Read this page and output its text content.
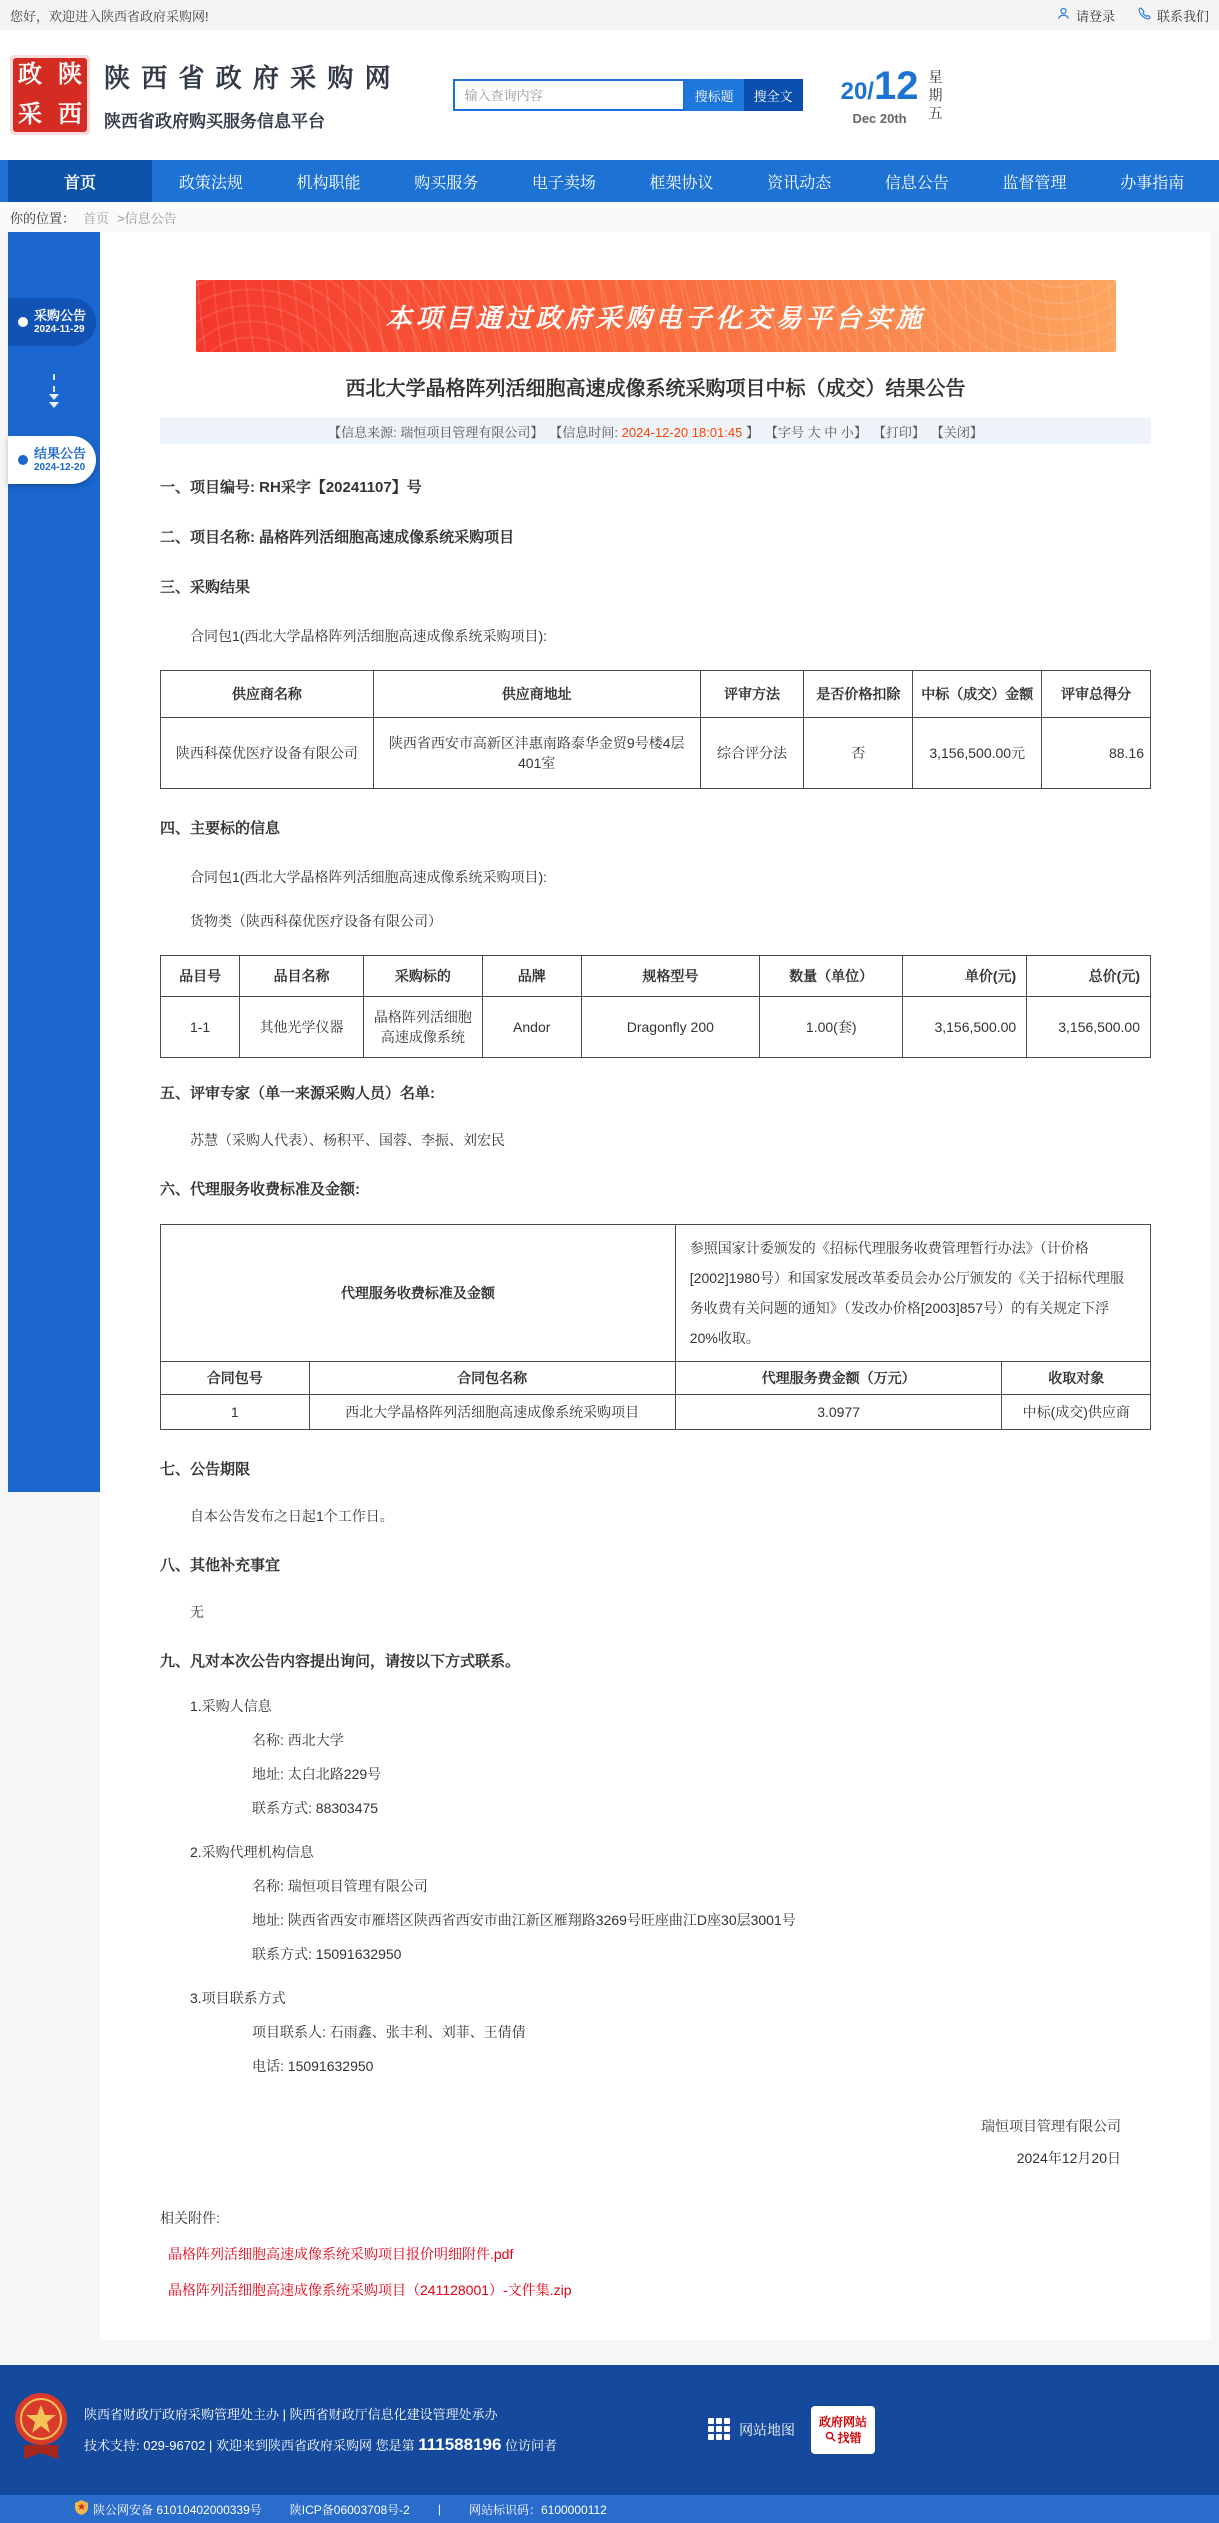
您好，欢迎进入陕西省政府采购网!	请登录	联系我们
政 陕
采 西
陕 西 省 政 府 采 购 网
陕西省政府购买服务信息平台
输入查询内容
搜标题	搜全文	20/12
Dec 20th
星
期
五
首页	政策法规	机构职能	购买服务	电子卖场	框架协议	资讯动态	信息公告	监督管理	办事指南
你的位置： 首页 >信息公告
采购公告
2024-11-29
结果公告
2024-12-20
本项目通过政府采购电子化交易平台实施
西北大学晶格阵列活细胞高速成像系统采购项目中标（成交）结果公告
【信息来源: 瑞恒项目管理有限公司】 【信息时间: 2024-12-20 18:01:45 】 【字号 大 中 小】 【打印】 【关闭】
一、项目编号: RH采字【20241107】号
二、项目名称: 晶格阵列活细胞高速成像系统采购项目
三、采购结果
合同包1(西北大学晶格阵列活细胞高速成像系统采购项目):
供应商名称	供应商地址	评审方法	是否价格扣除	中标（成交）金额	评审总得分
陕西科葆优医疗设备有限公司	陕西省西安市高新区沣惠南路泰华金贸9号楼4层401室	综合评分法	否	3,156,500.00元	88.16
四、主要标的信息
合同包1(西北大学晶格阵列活细胞高速成像系统采购项目):
货物类（陕西科葆优医疗设备有限公司）
品目号	品目名称	采购标的	品牌	规格型号	数量（单位）	单价(元)	总价(元)
1-1	其他光学仪器	晶格阵列活细胞高速成像系统	Andor	Dragonfly 200	1.00(套)	3,156,500.00	3,156,500.00
五、评审专家（单一来源采购人员）名单:
苏慧（采购人代表）、杨积平、国蓉、李振、刘宏民
六、代理服务收费标准及金额:
代理服务收费标准及金额		参照国家计委颁发的《招标代理服务收费管理暂行办法》（计价格[2002]1980号）和国家发展改革委员会办公厅颁发的《关于招标代理服务收费有关问题的通知》（发改办价格[2003]857号）的有关规定下浮20%收取。	
合同包号	合同包名称	代理服务费金额（万元）	收取对象
1	西北大学晶格阵列活细胞高速成像系统采购项目	3.0977	中标(成交)供应商
七、公告期限
自本公告发布之日起1个工作日。
八、其他补充事宜
无
九、凡对本次公告内容提出询问，请按以下方式联系。
1.采购人信息
名称: 西北大学
地址: 太白北路229号
联系方式: 88303475
2.采购代理机构信息
名称: 瑞恒项目管理有限公司
地址: 陕西省西安市雁塔区陕西省西安市曲江新区雁翔路3269号旺座曲江D座30层3001号
联系方式: 15091632950
3.项目联系方式
项目联系人: 石雨鑫、张丰利、刘菲、王倩倩
电话: 15091632950
瑞恒项目管理有限公司
2024年12月20日
相关附件:
晶格阵列活细胞高速成像系统采购项目报价明细附件.pdf
晶格阵列活细胞高速成像系统采购项目（241128001）-文件集.zip
陕西省财政厅政府采购管理处主办 | 陕西省财政厅信息化建设管理处承办
技术支持: 029-96702 | 欢迎来到陕西省政府采购网 您是第 111588196 位访问者
网站地图 政府网站
找错
陕公网安备 61010402000339号 陕ICP备06003708号-2 | 网站标识码：6100000112
